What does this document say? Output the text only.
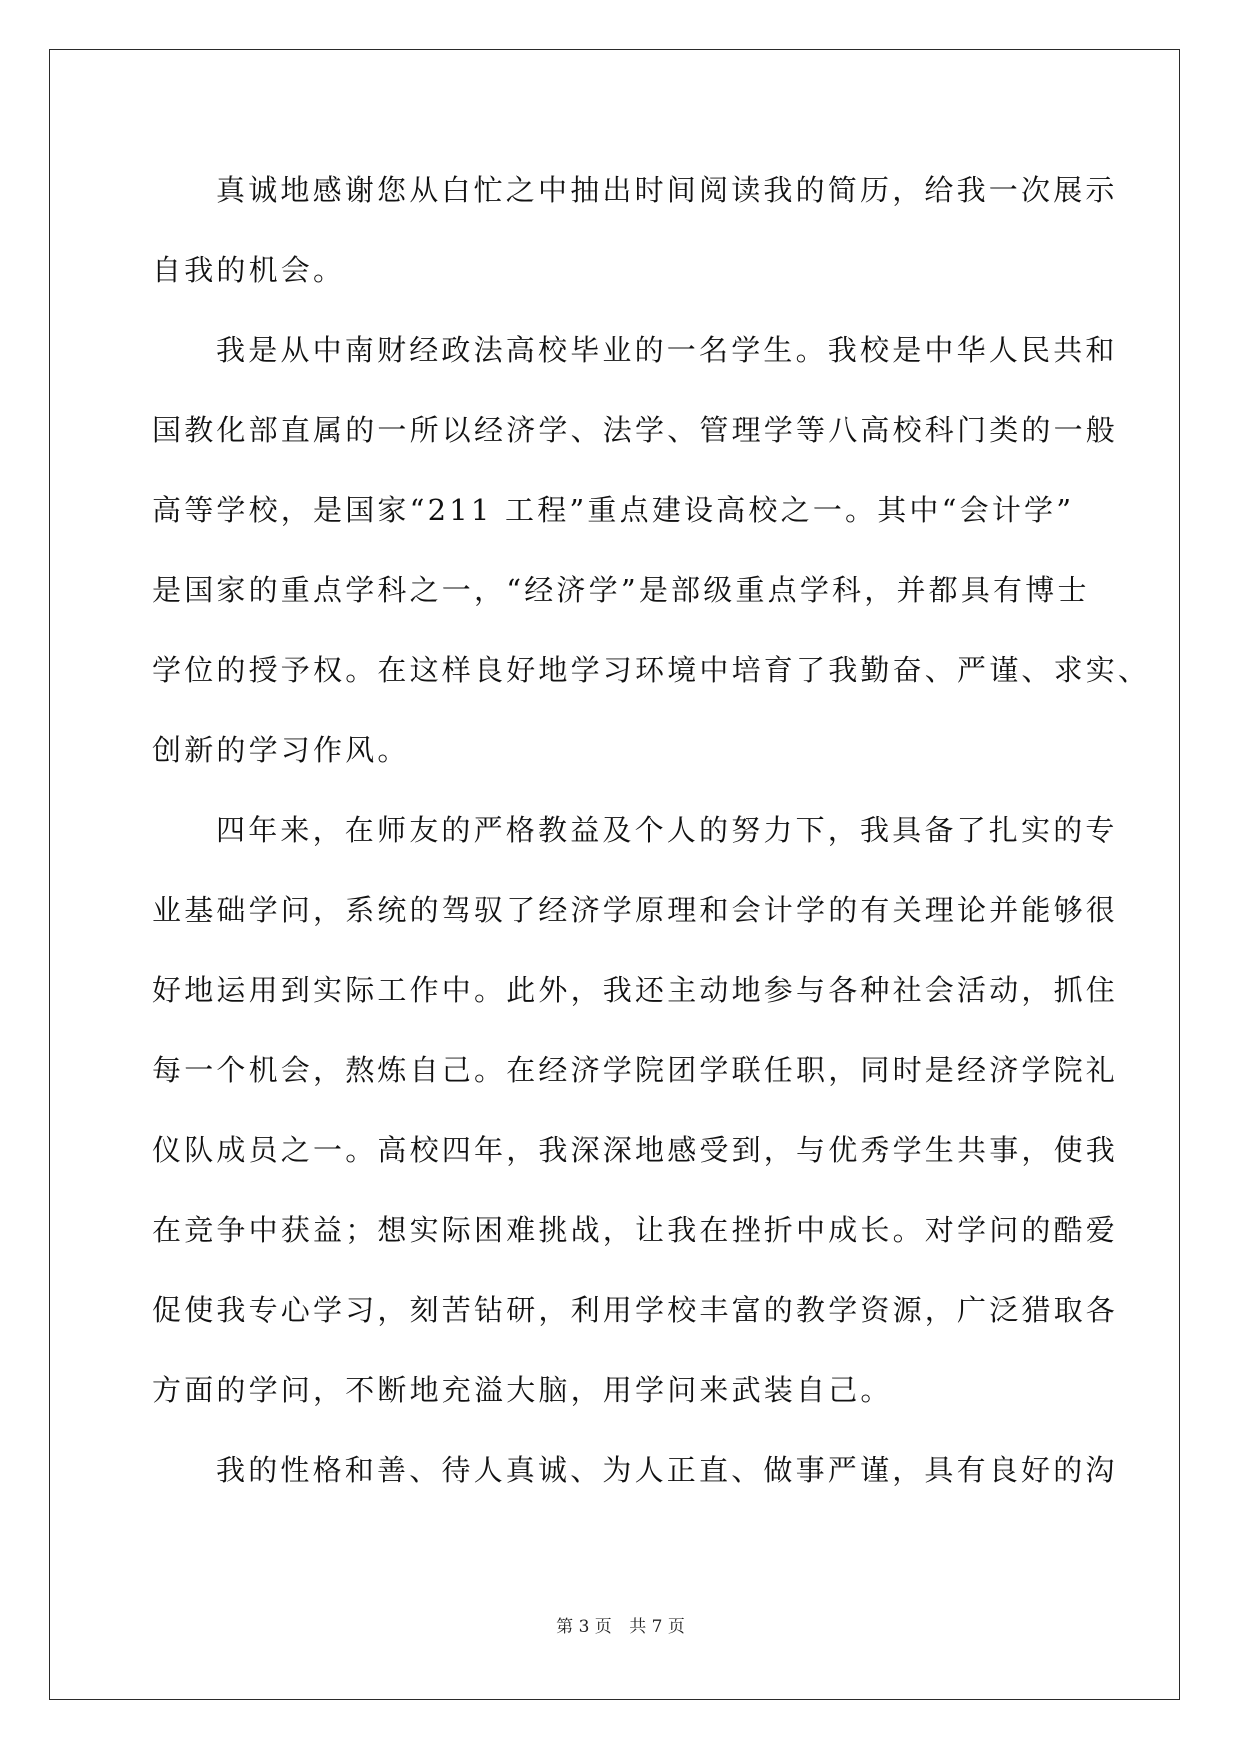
真诚地感谢您从白忙之中抽出时间阅读我的简历，给我一次展示
自我的机会。
我是从中南财经政法高校毕业的一名学生。我校是中华人民共和
国教化部直属的一所以经济学、法学、管理学等八高校科门类的一般
高等学校，是国家“211 工程”重点建设高校之一。其中“会计学”
是国家的重点学科之一，“经济学”是部级重点学科，并都具有博士
学位的授予权。在这样良好地学习环境中培育了我勤奋、严谨、求实、
创新的学习作风。
四年来，在师友的严格教益及个人的努力下，我具备了扎实的专
业基础学问，系统的驾驭了经济学原理和会计学的有关理论并能够很
好地运用到实际工作中。此外，我还主动地参与各种社会活动，抓住
每一个机会，熬炼自己。在经济学院团学联任职，同时是经济学院礼
仪队成员之一。高校四年，我深深地感受到，与优秀学生共事，使我
在竞争中获益；想实际困难挑战，让我在挫折中成长。对学问的酷爱
促使我专心学习，刻苦钻研，利用学校丰富的教学资源，广泛猎取各
方面的学问，不断地充溢大脑，用学问来武装自己。
我的性格和善、待人真诚、为人正直、做事严谨，具有良好的沟
第 3 页 共 7 页
